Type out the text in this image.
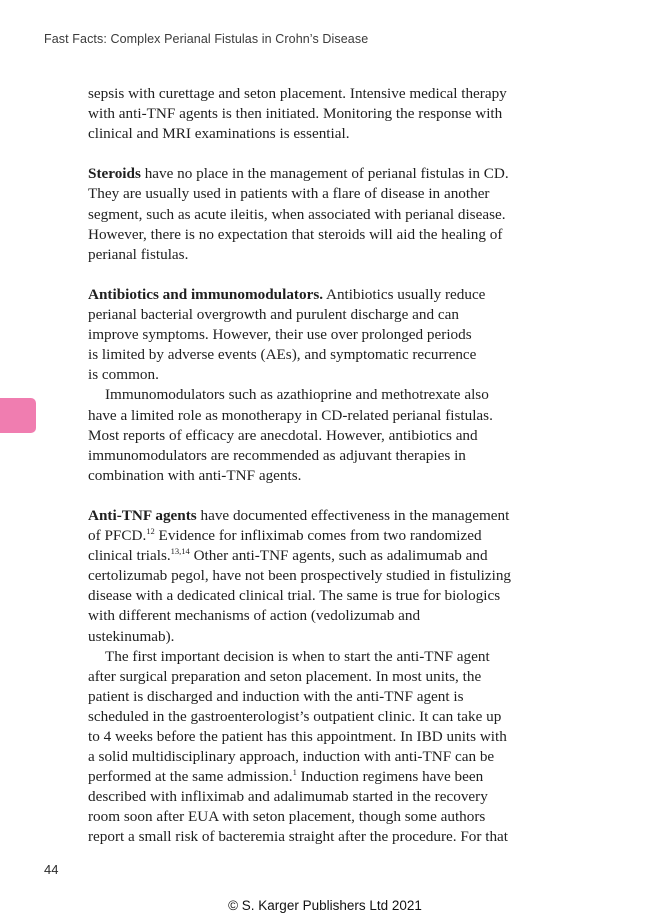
Fast Facts: Complex Perianal Fistulas in Crohn’s Disease
sepsis with curettage and seton placement. Intensive medical therapy
with anti-TNF agents is then initiated. Monitoring the response with
clinical and MRI examinations is essential.
Steroids have no place in the management of perianal fistulas in CD.
They are usually used in patients with a flare of disease in another
segment, such as acute ileitis, when associated with perianal disease.
However, there is no expectation that steroids will aid the healing of
perianal fistulas.
Antibiotics and immunomodulators. Antibiotics usually reduce
perianal bacterial overgrowth and purulent discharge and can
improve symptoms. However, their use over prolonged periods
is limited by adverse events (AEs), and symptomatic recurrence
is common.
Immunomodulators such as azathioprine and methotrexate also
have a limited role as monotherapy in CD-related perianal fistulas.
Most reports of efficacy are anecdotal. However, antibiotics and
immunomodulators are recommended as adjuvant therapies in
combination with anti-TNF agents.
Anti-TNF agents have documented effectiveness in the management
of PFCD.$^{12}$ Evidence for infliximab comes from two randomized
clinical trials.$^{13,14}$ Other anti-TNF agents, such as adalimumab and
certolizumab pegol, have not been prospectively studied in fistulizing
disease with a dedicated clinical trial. The same is true for biologics
with different mechanisms of action (vedolizumab and
ustekinumab).
The first important decision is when to start the anti-TNF agent
after surgical preparation and seton placement. In most units, the
patient is discharged and induction with the anti-TNF agent is
scheduled in the gastroenterologist’s outpatient clinic. It can take up
to 4 weeks before the patient has this appointment. In IBD units with
a solid multidisciplinary approach, induction with anti-TNF can be
performed at the same admission.$^1$ Induction regimens have been
described with infliximab and adalimumab started in the recovery
room soon after EUA with seton placement, though some authors
report a small risk of bacteremia straight after the procedure. For that
44
© S. Karger Publishers Ltd 2021
